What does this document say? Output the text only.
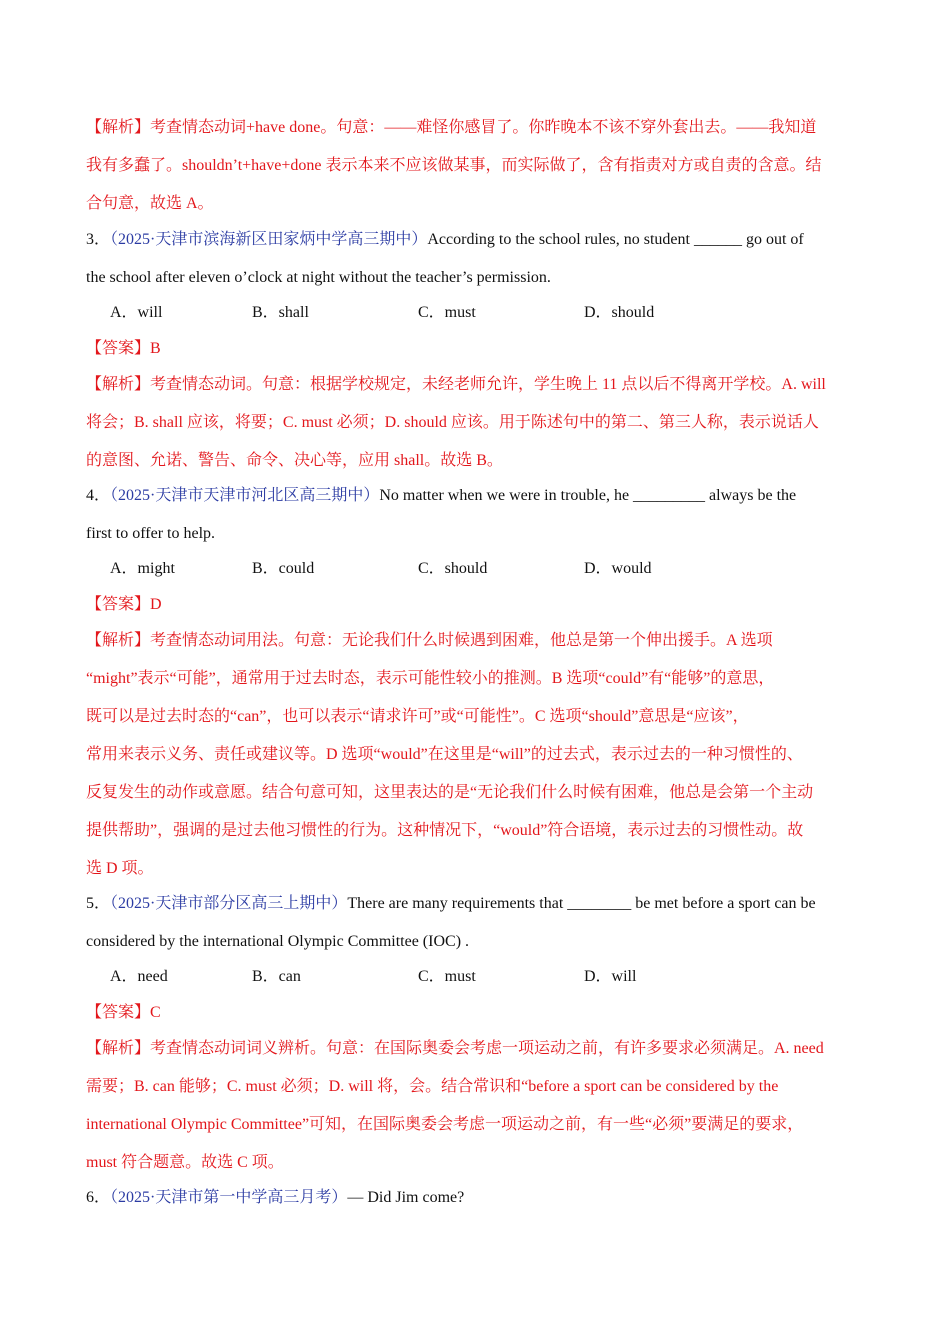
【解析】考查情态动词+have done。句意：——难怪你感冒了。你昨晚本不该不穿外套出去。——我知道
我有多蠢了。shouldn’t+have+done 表示本来不应该做某事，而实际做了，含有指责对方或自责的含意。结
合句意，故选 A。
3．（2025·天津市滨海新区田家炳中学高三期中）According to the school rules, no student ______ go out of
the school after eleven o’clock at night without the teacher’s permission.
A．will	B．shall	C．must	D．should
【答案】B
【解析】考查情态动词。句意：根据学校规定，未经老师允许，学生晚上 11 点以后不得离开学校。A. will
将会；B. shall 应该，将要；C. must 必须；D. should 应该。用于陈述句中的第二、第三人称，表示说话人
的意图、允诺、警告、命令、决心等，应用 shall。故选 B。
4．（2025·天津市天津市河北区高三期中）No matter when we were in trouble, he _________ always be the
first to offer to help.
A．might	B．could	C．should	D．would
【答案】D
【解析】考查情态动词用法。句意：无论我们什么时候遇到困难，他总是第一个伸出援手。A 选项
“might”表示“可能”，通常用于过去时态，表示可能性较小的推测。B 选项“could”有“能够”的意思，
既可以是过去时态的“can”，也可以表示“请求许可”或“可能性”。C 选项“should”意思是“应该”，
常用来表示义务、责任或建议等。D 选项“would”在这里是“will”的过去式，表示过去的一种习惯性的、
反复发生的动作或意愿。结合句意可知，这里表达的是“无论我们什么时候有困难，他总是会第一个主动
提供帮助”，强调的是过去他习惯性的行为。这种情况下，“would”符合语境，表示过去的习惯性动。故
选 D 项。
5．（2025·天津市部分区高三上期中）There are many requirements that ________ be met before a sport can be
considered by the international Olympic Committee (IOC) .
A．need	B．can	C．must	D．will
【答案】C
【解析】考查情态动词词义辨析。句意：在国际奥委会考虑一项运动之前，有许多要求必须满足。A. need
需要；B. can 能够；C. must 必须；D. will 将，会。结合常识和“before a sport can be considered by the
international Olympic Committee”可知，在国际奥委会考虑一项运动之前，有一些“必须”要满足的要求，
must 符合题意。故选 C 项。
6．（2025·天津市第一中学高三月考）— Did Jim come?
